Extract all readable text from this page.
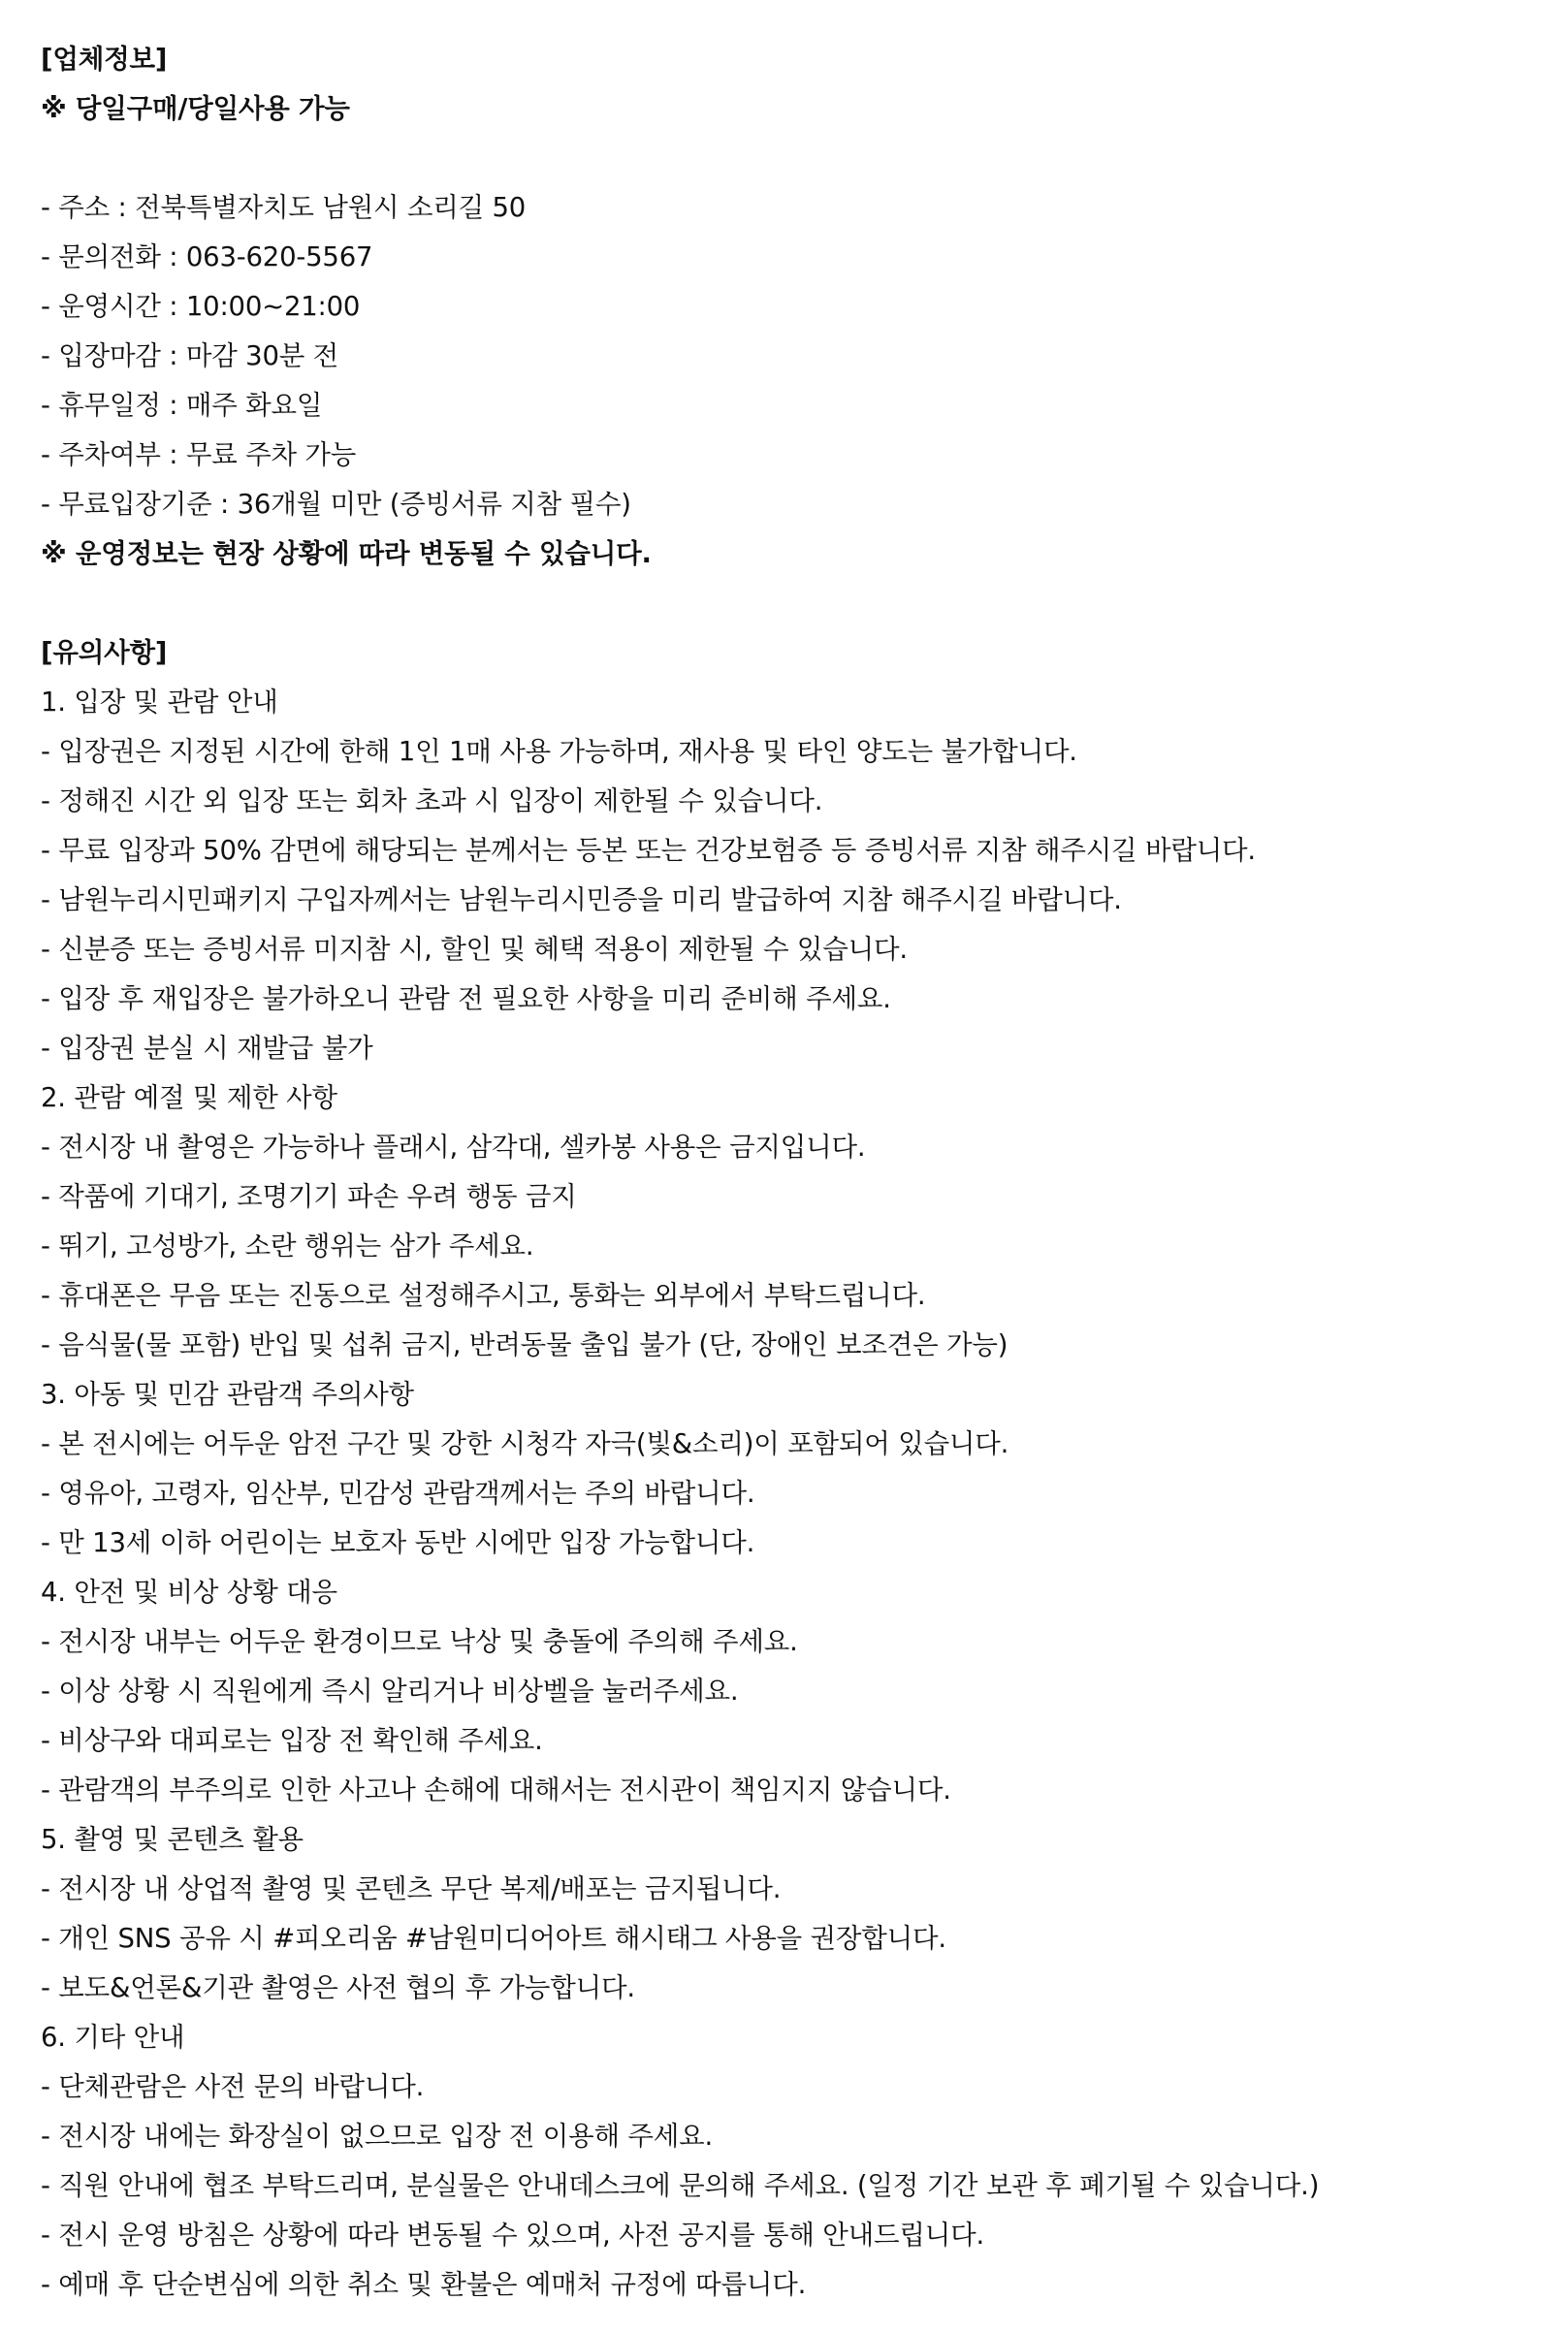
[업체정보]
※ 당일구매/당일사용 가능
- 주소 : 전북특별자치도 남원시 소리길 50
- 문의전화 : 063-620-5567
- 운영시간 : 10:00~21:00
- 입장마감 : 마감 30분 전
- 휴무일정 : 매주 화요일
- 주차여부 : 무료 주차 가능
- 무료입장기준 : 36개월 미만 (증빙서류 지참 필수)
※ 운영정보는 현장 상황에 따라 변동될 수 있습니다.
[유의사항]
1. 입장 및 관람 안내
- 입장권은 지정된 시간에 한해 1인 1매 사용 가능하며, 재사용 및 타인 양도는 불가합니다.
- 정해진 시간 외 입장 또는 회차 초과 시 입장이 제한될 수 있습니다.
- 무료 입장과 50% 감면에 해당되는 분께서는 등본 또는 건강보험증 등 증빙서류 지참 해주시길 바랍니다.
- 남원누리시민패키지 구입자께서는 남원누리시민증을 미리 발급하여 지참 해주시길 바랍니다.
- 신분증 또는 증빙서류 미지참 시, 할인 및 혜택 적용이 제한될 수 있습니다.
- 입장 후 재입장은 불가하오니 관람 전 필요한 사항을 미리 준비해 주세요.
- 입장권 분실 시 재발급 불가
2. 관람 예절 및 제한 사항
- 전시장 내 촬영은 가능하나 플래시, 삼각대, 셀카봉 사용은 금지입니다.
- 작품에 기대기, 조명기기 파손 우려 행동 금지
- 뛰기, 고성방가, 소란 행위는 삼가 주세요.
- 휴대폰은 무음 또는 진동으로 설정해주시고, 통화는 외부에서 부탁드립니다.
- 음식물(물 포함) 반입 및 섭취 금지, 반려동물 출입 불가 (단, 장애인 보조견은 가능)
3. 아동 및 민감 관람객 주의사항
- 본 전시에는 어두운 암전 구간 및 강한 시청각 자극(빛&소리)이 포함되어 있습니다.
- 영유아, 고령자, 임산부, 민감성 관람객께서는 주의 바랍니다.
- 만 13세 이하 어린이는 보호자 동반 시에만 입장 가능합니다.
4. 안전 및 비상 상황 대응
- 전시장 내부는 어두운 환경이므로 낙상 및 충돌에 주의해 주세요.
- 이상 상황 시 직원에게 즉시 알리거나 비상벨을 눌러주세요.
- 비상구와 대피로는 입장 전 확인해 주세요.
- 관람객의 부주의로 인한 사고나 손해에 대해서는 전시관이 책임지지 않습니다.
5. 촬영 및 콘텐츠 활용
- 전시장 내 상업적 촬영 및 콘텐츠 무단 복제/배포는 금지됩니다.
- 개인 SNS 공유 시 #피오리움 #남원미디어아트 해시태그 사용을 권장합니다.
- 보도&언론&기관 촬영은 사전 협의 후 가능합니다.
6. 기타 안내
- 단체관람은 사전 문의 바랍니다.
- 전시장 내에는 화장실이 없으므로 입장 전 이용해 주세요.
- 직원 안내에 협조 부탁드리며, 분실물은 안내데스크에 문의해 주세요. (일정 기간 보관 후 폐기될 수 있습니다.)
- 전시 운영 방침은 상황에 따라 변동될 수 있으며, 사전 공지를 통해 안내드립니다.
- 예매 후 단순변심에 의한 취소 및 환불은 예매처 규정에 따릅니다.
